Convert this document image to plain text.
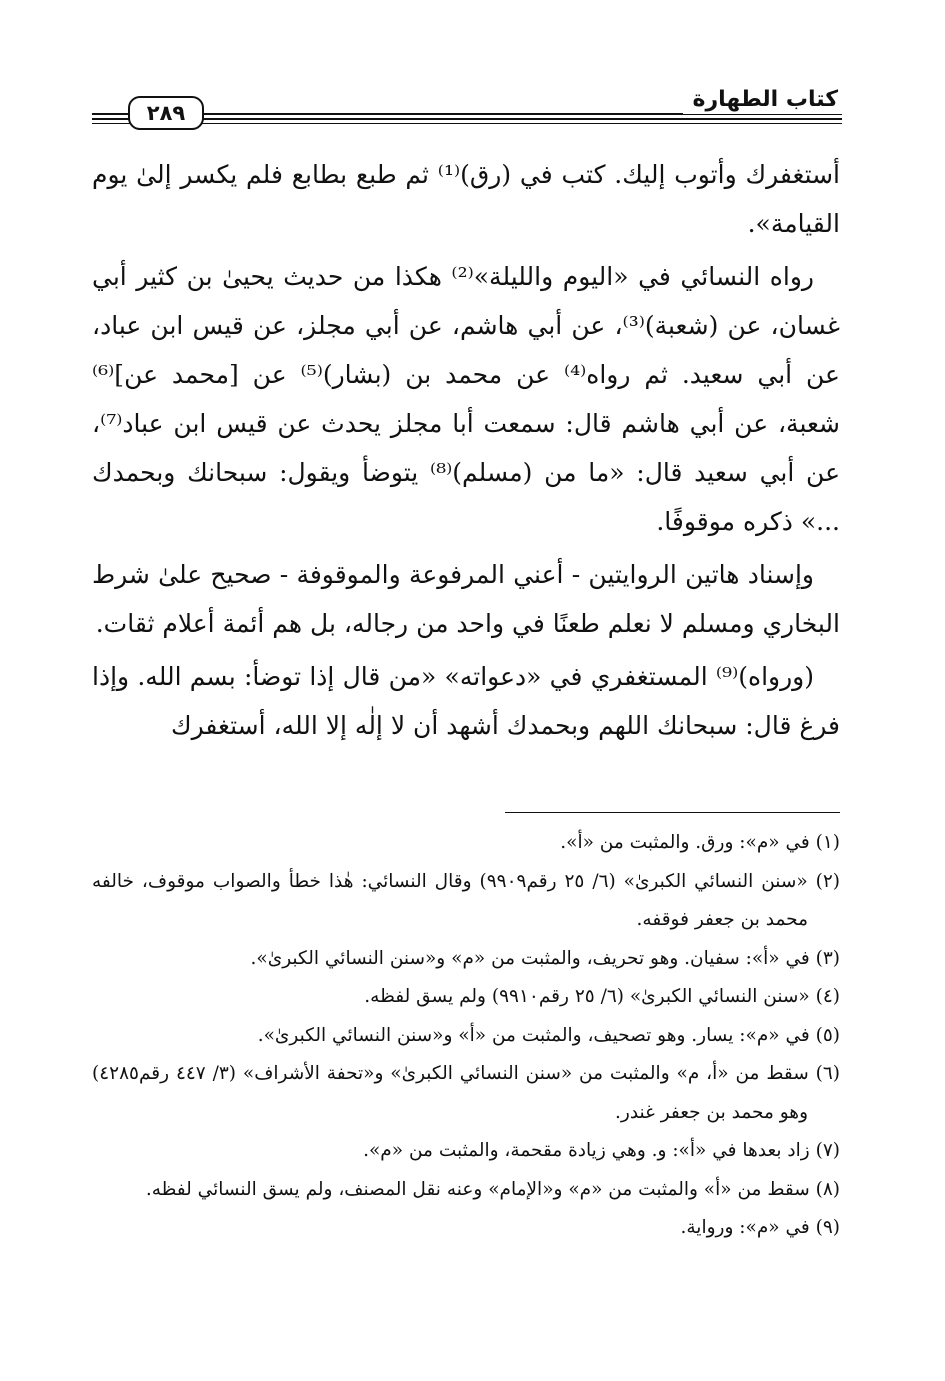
كتاب الطهارة
٢٨٩

أستغفرك وأتوب إليك. كتب في (رق)⁽¹⁾ ثم طبع بطابع فلم يكسر إلىٰ يوم القيامة».

رواه النسائي في «اليوم والليلة»⁽²⁾ هكذا من حديث يحيىٰ بن كثير أبي غسان، عن (شعبة)⁽³⁾، عن أبي هاشم، عن أبي مجلز، عن قيس ابن عباد، عن أبي سعيد. ثم رواه⁽⁴⁾ عن محمد بن (بشار)⁽⁵⁾ عن [محمد عن]⁽⁶⁾ شعبة، عن أبي هاشم قال: سمعت أبا مجلز يحدث عن قيس ابن عباد⁽⁷⁾، عن أبي سعيد قال: «ما من (مسلم)⁽⁸⁾ يتوضأ ويقول: سبحانك وبحمدك ...» ذكره موقوفًا.

وإسناد هاتين الروايتين - أعني المرفوعة والموقوفة - صحيح علىٰ شرط البخاري ومسلم لا نعلم طعنًا في واحد من رجاله، بل هم أئمة أعلام ثقات.

(ورواه)⁽⁹⁾ المستغفري في «دعواته» «من قال إذا توضأ: بسم الله. وإذا فرغ قال: سبحانك اللهم وبحمدك أشهد أن لا إلٰه إلا الله، أستغفرك

(١) في «م»: ورق. والمثبت من «أ».
(٢) «سنن النسائي الكبرىٰ» (٦/ ٢٥ رقم٩٩٠٩) وقال النسائي: هٰذا خطأ والصواب موقوف، خالفه محمد بن جعفر فوقفه.
(٣) في «أ»: سفيان. وهو تحريف، والمثبت من «م» و«سنن النسائي الكبرىٰ».
(٤) «سنن النسائي الكبرىٰ» (٦/ ٢٥ رقم٩٩١٠) ولم يسق لفظه.
(٥) في «م»: يسار. وهو تصحيف، والمثبت من «أ» و«سنن النسائي الكبرىٰ».
(٦) سقط من «أ، م» والمثبت من «سنن النسائي الكبرىٰ» و«تحفة الأشراف» (٣/ ٤٤٧ رقم٤٢٨٥) وهو محمد بن جعفر غندر.
(٧) زاد بعدها في «أ»: و. وهي زيادة مقحمة، والمثبت من «م».
(٨) سقط من «أ» والمثبت من «م» و«الإمام» وعنه نقل المصنف، ولم يسق النسائي لفظه.
(٩) في «م»: ورواية.
